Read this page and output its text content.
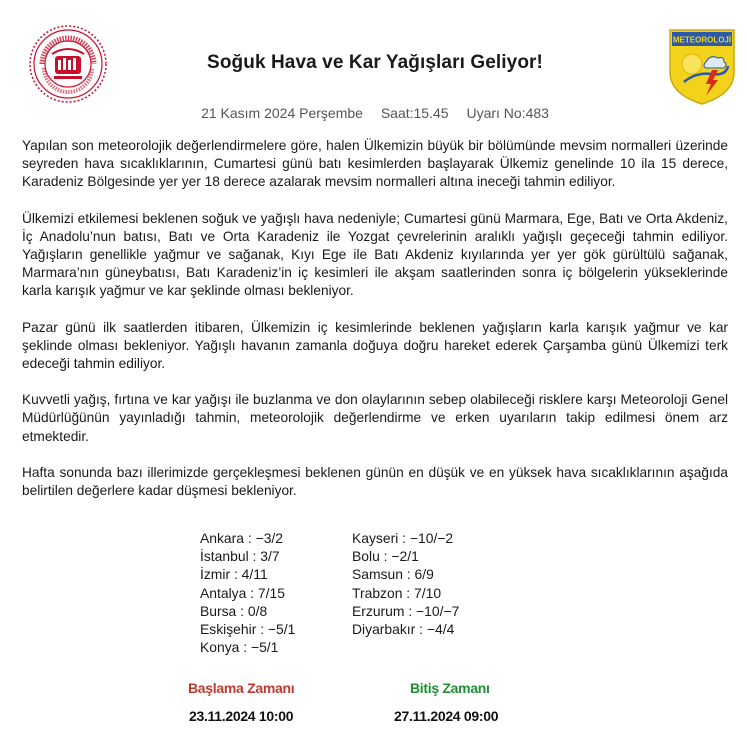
METEOROLOJİ
Soğuk Hava ve Kar Yağışları Geliyor!
21 Kasım 2024 Perşembe Saat:15.45 Uyarı No:483

Yapılan son meteorolojik değerlendirmelere göre, halen Ülkemizin büyük bir bölümünde mevsim normalleri üzerinde seyreden hava sıcaklıklarının, Cumartesi günü batı kesimlerden başlayarak Ülkemiz genelinde 10 ila 15 derece, Karadeniz Bölgesinde yer yer 18 derece azalarak mevsim normalleri altına ineceği tahmin ediliyor.

Ülkemizi etkilemesi beklenen soğuk ve yağışlı hava nedeniyle; Cumartesi günü Marmara, Ege, Batı ve Orta Akdeniz, İç Anadolu’nun batısı, Batı ve Orta Karadeniz ile Yozgat çevrelerinin aralıklı yağışlı geçeceği tahmin ediliyor. Yağışların genellikle yağmur ve sağanak, Kıyı Ege ile Batı Akdeniz kıyılarında yer yer gök gürültülü sağanak, Marmara’nın güneybatısı, Batı Karadeniz’in iç kesimleri ile akşam saatlerinden sonra iç bölgelerin yükseklerinde karla karışık yağmur ve kar şeklinde olması bekleniyor.

Pazar günü ilk saatlerden itibaren, Ülkemizin iç kesimlerinde beklenen yağışların karla karışık yağmur ve kar şeklinde olması bekleniyor. Yağışlı havanın zamanla doğuya doğru hareket ederek Çarşamba günü Ülkemizi terk edeceği tahmin ediliyor.

Kuvvetli yağış, fırtına ve kar yağışı ile buzlanma ve don olaylarının sebep olabileceği risklere karşı Meteoroloji Genel Müdürlüğünün yayınladığı tahmin, meteorolojik değerlendirme ve erken uyarıların takip edilmesi önem arz etmektedir.

Hafta sonunda bazı illerimizde gerçekleşmesi beklenen günün en düşük ve en yüksek hava sıcaklıklarının aşağıda belirtilen değerlere kadar düşmesi bekleniyor.

Ankara : −3/2
İstanbul : 3/7
İzmir : 4/11
Antalya : 7/15
Bursa : 0/8
Eskişehir : −5/1
Konya : −5/1
Kayseri : −10/−2
Bolu : −2/1
Samsun : 6/9
Trabzon : 7/10
Erzurum : −10/−7
Diyarbakır : −4/4
Başlama Zamanı	Bitiş Zamanı
23.11.2024 10:00	27.11.2024 09:00
